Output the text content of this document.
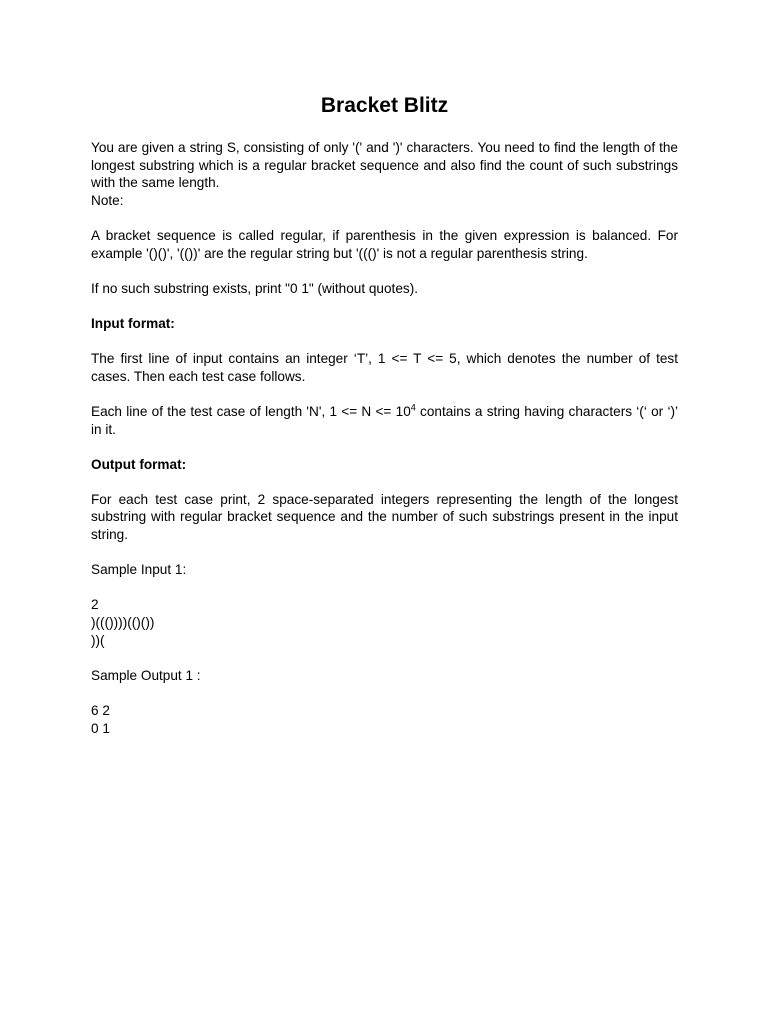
Bracket Blitz

You are given a string S, consisting of only '(' and ')' characters. You need to find the length of the longest substring which is a regular bracket sequence and also find the count of such substrings with the same length.

Note:

A bracket sequence is called regular, if parenthesis in the given expression is balanced. For example '()()', '(())' are the regular string but '((()' is not a regular parenthesis string.

If no such substring exists, print "0 1" (without quotes).

Input format:

The first line of input contains an integer ‘T’, 1 <= T <= 5, which denotes the number of test cases. Then each test case follows.

Each line of the test case of length 'N', $1 <= N <= 10^4$ contains a string having characters ‘(‘ or ‘)’ in it.

Output format:

For each test case print, 2 space-separated integers representing the length of the longest substring with regular bracket sequence and the number of such substrings present in the input string.

Sample Input 1:

2

)((())))(()())

))(

Sample Output 1 :

6 2

0 1
